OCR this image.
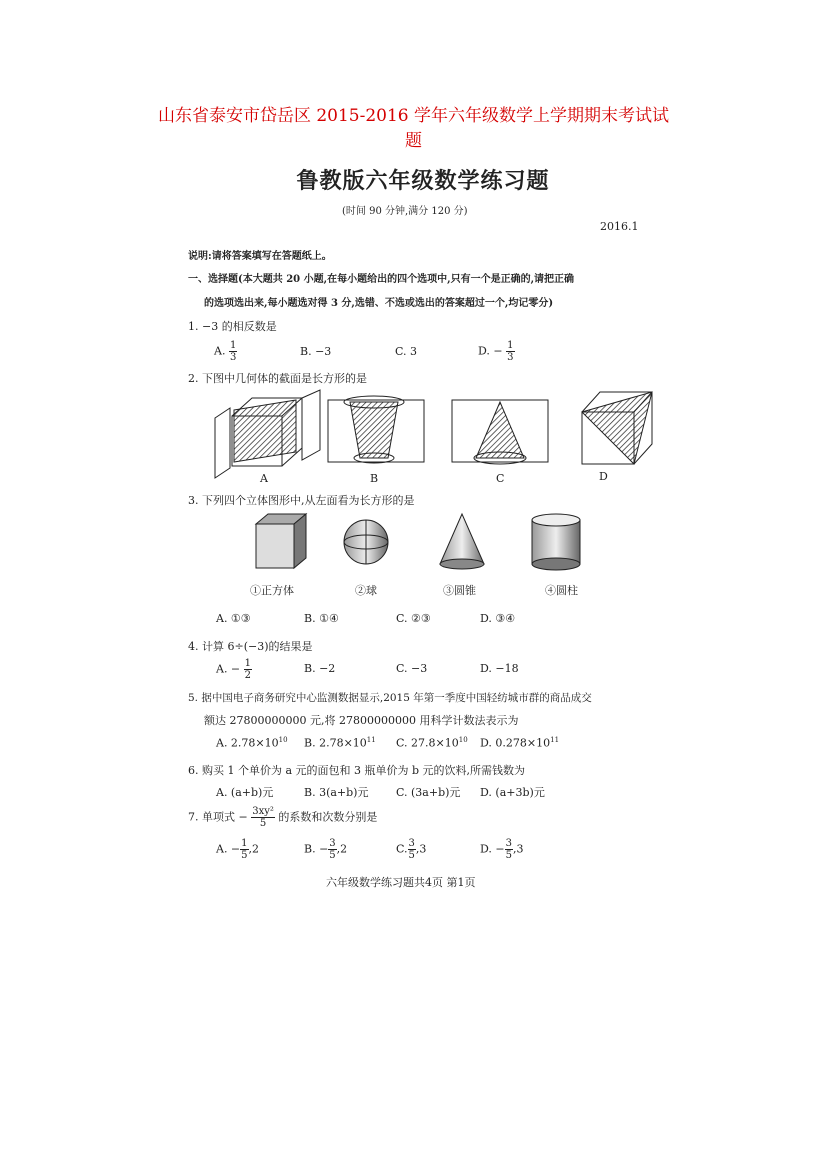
山东省泰安市岱岳区 2015-2016 学年六年级数学上学期期末考试试
题
鲁教版六年级数学练习题
(时间 90 分钟,满分 120 分)
2016.1
说明:请将答案填写在答题纸上。
一、选择题(本大题共 20 小题,在每小题给出的四个选项中,只有一个是正确的,请把正确
的选项选出来,每小题选对得 3 分,选错、不选或选出的答案超过一个,均记零分)
1. −3 的相反数是
A. $\frac{1}{3}$	B. −3	C. 3	D. − $\frac{1}{3}$
2. 下图中几何体的截面是长方形的是
A	B	C	D
3. 下列四个立体图形中,从左面看为长方形的是
①正方体	②球	③圆锥	④圆柱
A. ①③	B. ①④	C. ②③	D. ③④
4. 计算 6÷(−3)的结果是
A. − $\frac{1}{2}$	B. −2	C. −3	D. −18
5. 据中国电子商务研究中心监测数据显示,2015 年第一季度中国轻纺城市群的商品成交
额达 27800000000 元,将 27800000000 用科学计数法表示为
A. $2.78\times 10^{10}$ B. $2.78\times 10^{11}$ C. $27.8\times 10^{10}$ D. $0.278\times 10^{11}$
6. 购买 1 个单价为 a 元的面包和 3 瓶单价为 b 元的饮料,所需钱数为
A. (a+b)元	B. 3(a+b)元	C. (3a+b)元 D. (a+3b)元
7. 单项式 − $\frac{\text{3xy²}}{5}$ 的系数和次数分别是
A. − $\frac{1}{5} ,2$	B. − $\frac{3}{5} ,2$	C. $\frac{3}{5} ,3$	D. − $\frac{3}{5} ,3$
六年级数学练习题共4页 第1页
